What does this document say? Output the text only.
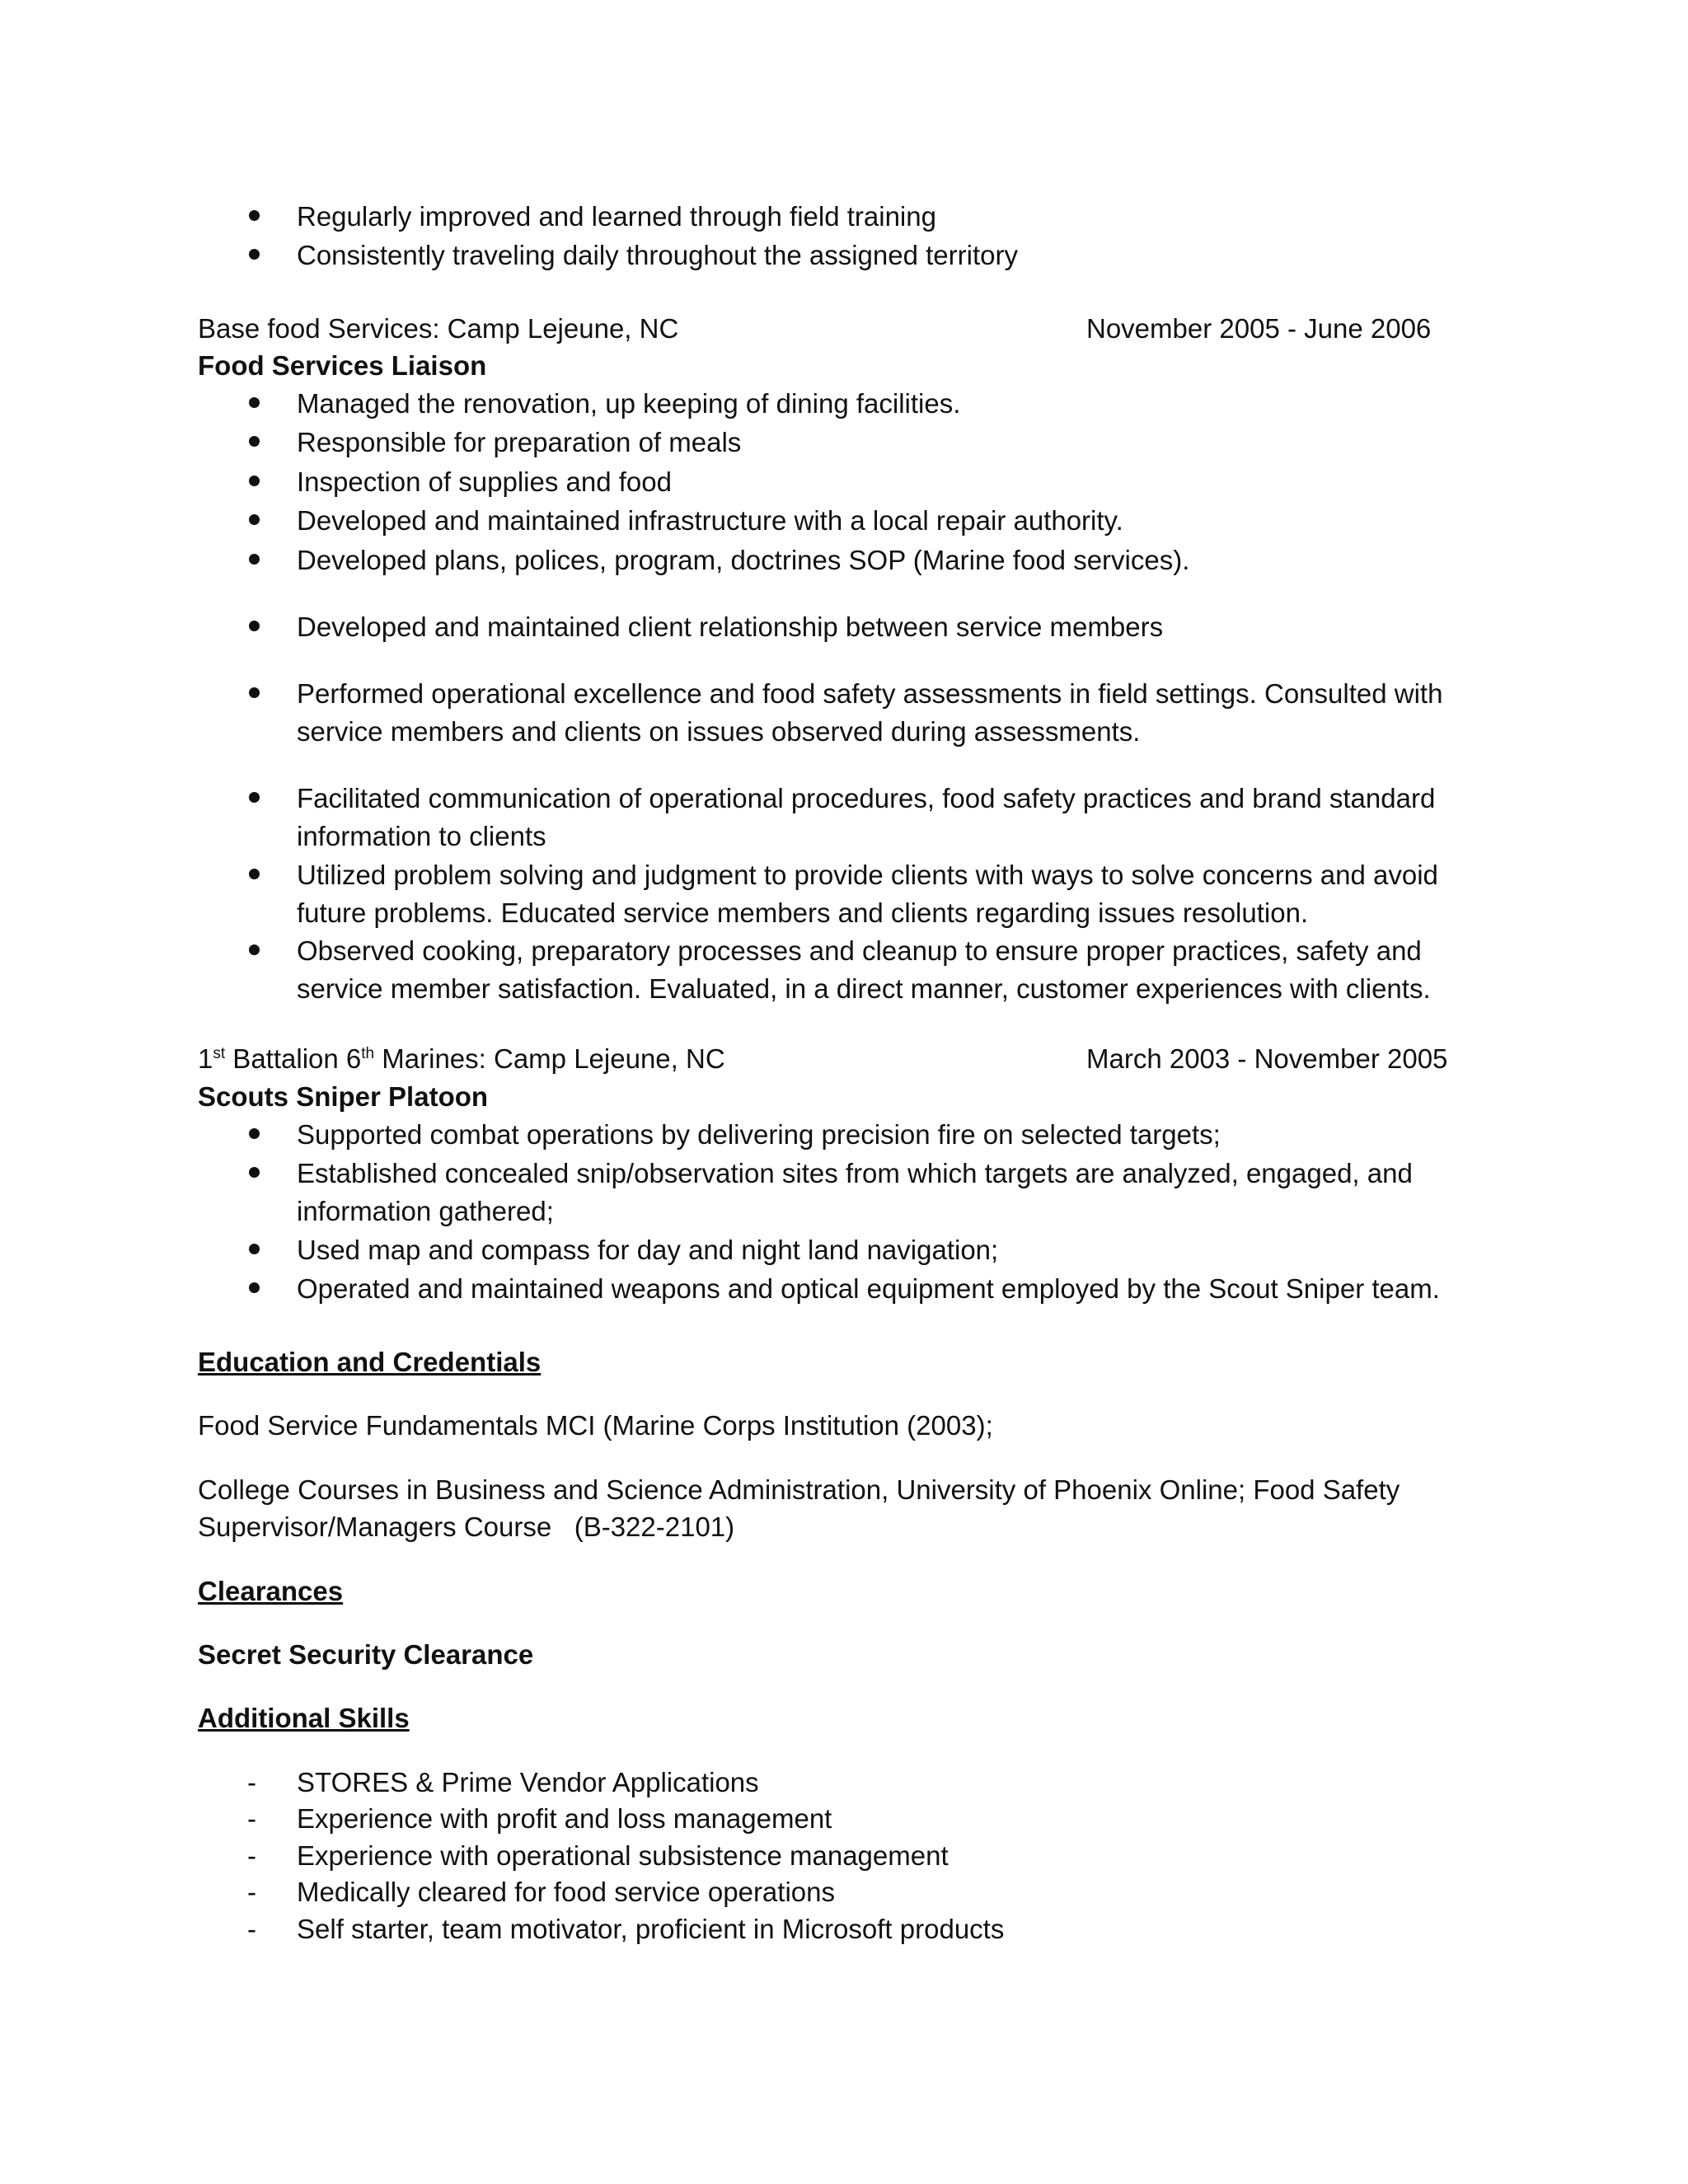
Regularly improved and learned through field training
Consistently traveling daily throughout the assigned territory
Base food Services: Camp Lejeune, NC	November 2005 - June 2006
Food Services Liaison
Managed the renovation, up keeping of dining facilities.
Responsible for preparation of meals
Inspection of supplies and food
Developed and maintained infrastructure with a local repair authority.
Developed plans, polices, program, doctrines SOP (Marine food services).
Developed and maintained client relationship between service members
Performed operational excellence and food safety assessments in field settings. Consulted with service members and clients on issues observed during assessments.
Facilitated communication of operational procedures, food safety practices and brand standard information to clients
Utilized problem solving and judgment to provide clients with ways to solve concerns and avoid future problems. Educated service members and clients regarding issues resolution.
Observed cooking, preparatory processes and cleanup to ensure proper practices, safety and service member satisfaction. Evaluated, in a direct manner, customer experiences with clients.
1st Battalion 6th Marines: Camp Lejeune, NC	March 2003 - November 2005
Scouts Sniper Platoon
Supported combat operations by delivering precision fire on selected targets;
Established concealed snip/observation sites from which targets are analyzed, engaged, and information gathered;
Used map and compass for day and night land navigation;
Operated and maintained weapons and optical equipment employed by the Scout Sniper team.
Education and Credentials
Food Service Fundamentals MCI (Marine Corps Institution (2003);
College Courses in Business and Science Administration, University of Phoenix Online; Food Safety
Supervisor/Managers Course   (B-322-2101)
Clearances
Secret Security Clearance
Additional Skills
- STORES & Prime Vendor Applications
- Experience with profit and loss management
- Experience with operational subsistence management
- Medically cleared for food service operations
- Self starter, team motivator, proficient in Microsoft products
